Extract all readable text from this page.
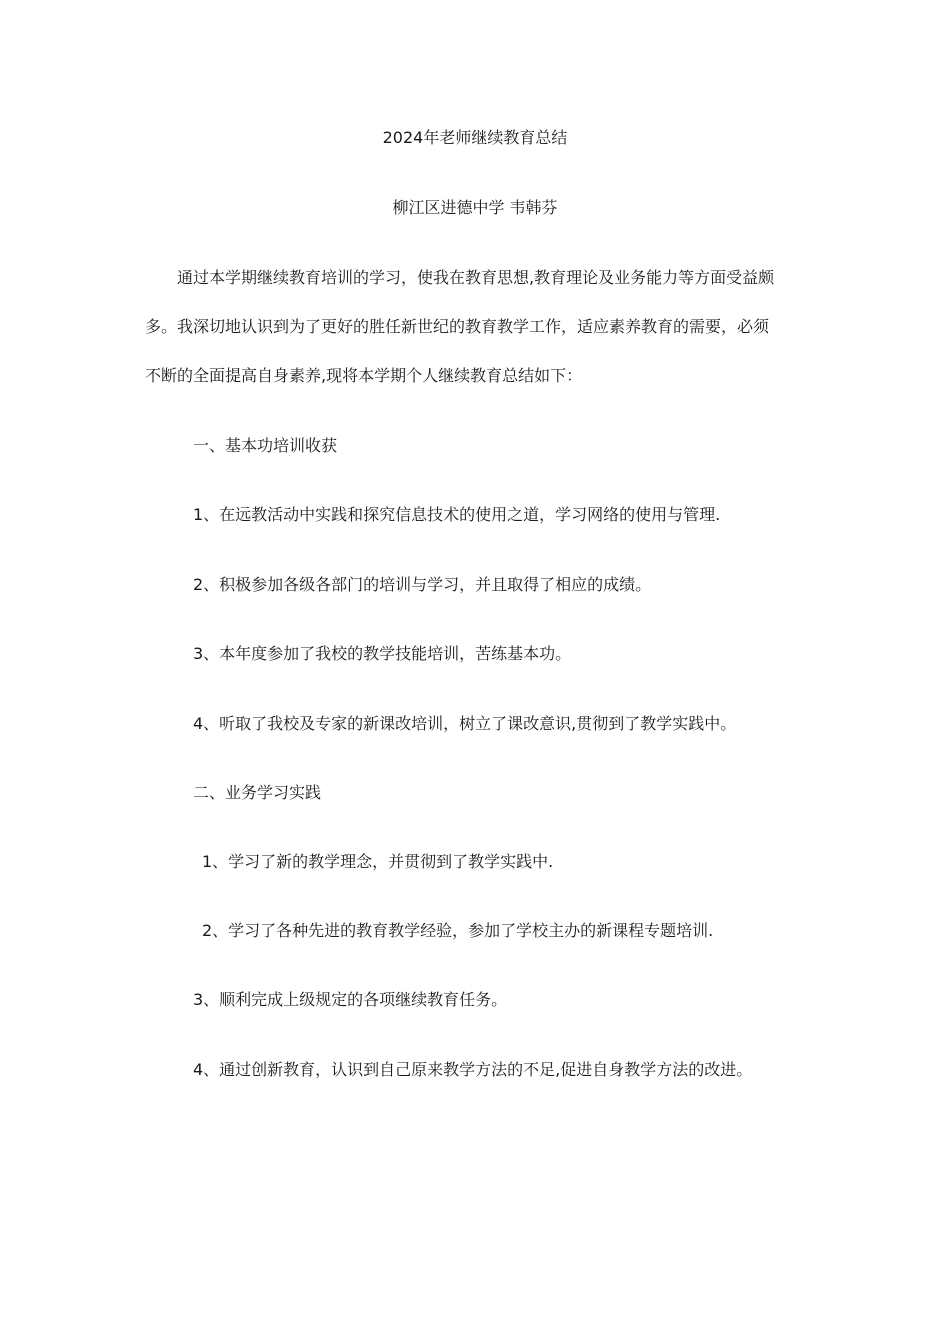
2024年老师继续教育总结
柳江区进德中学 韦韩芬
通过本学期继续教育培训的学习，使我在教育思想,教育理论及业务能力等方面受益颇
多。我深切地认识到为了更好的胜任新世纪的教育教学工作，适应素养教育的需要，必须
不断的全面提高自身素养,现将本学期个人继续教育总结如下：
一、基本功培训收获
1、在远教活动中实践和探究信息技术的使用之道，学习网络的使用与管理.
2、积极参加各级各部门的培训与学习，并且取得了相应的成绩。
3、本年度参加了我校的教学技能培训，苦练基本功。
4、听取了我校及专家的新课改培训，树立了课改意识,贯彻到了教学实践中。
二、业务学习实践
1、学习了新的教学理念，并贯彻到了教学实践中.
2、学习了各种先进的教育教学经验，参加了学校主办的新课程专题培训.
3、顺利完成上级规定的各项继续教育任务。
4、通过创新教育，认识到自己原来教学方法的不足,促进自身教学方法的改进。
